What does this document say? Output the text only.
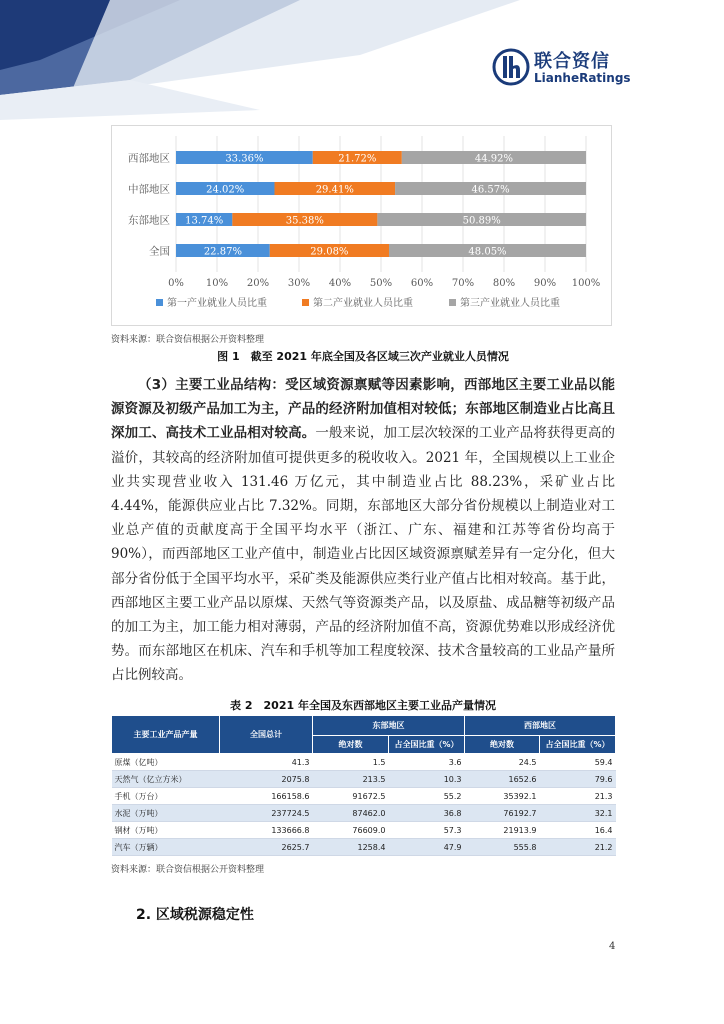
联合资信
LianheRatings
0% 10% 20% 30% 40% 50% 60% 70% 80% 90% 100%
西部地区	33.36%	21.72%	44.92%
中部地区	24.02%	29.41%	46.57%
东部地区 13.74%	35.38%	50.89%
全国	22.87%	29.08%	48.05%
第一产业就业人员比重	第二产业就业人员比重	第三产业就业人员比重
资料来源：联合资信根据公开资料整理
图 1　截至 2021 年底全国及各区域三次产业就业人员情况

（3）主要工业品结构：受区域资源禀赋等因素影响，西部地区主要工业品以能源资源及初级产品加工为主，产品的经济附加值相对较低；东部地区制造业占比高且深加工、高技术工业品相对较高。一般来说，加工层次较深的工业产品将获得更高的溢价，其较高的经济附加值可提供更多的税收收入。2021 年，全国规模以上工业企业共实现营业收入 131.46 万亿元，其中制造业占比 88.23%，采矿业占比 4.44%，能源供应业占比 7.32%。同期，东部地区大部分省份规模以上制造业对工业总产值的贡献度高于全国平均水平（浙江、广东、福建和江苏等省份均高于 90%），而西部地区工业产值中，制造业占比因区域资源禀赋差异有一定分化，但大部分省份低于全国平均水平，采矿类及能源供应类行业产值占比相对较高。基于此，西部地区主要工业产品以原煤、天然气等资源类产品，以及原盐、成品糖等初级产品的加工为主，加工能力相对薄弱，产品的经济附加值不高，资源优势难以形成经济优势。而东部地区在机床、汽车和手机等加工程度较深、技术含量较高的工业品产量所占比例较高。

表 2　2021 年全国及东西部地区主要工业品产量情况
主要工业产品产量	全国总计	东部地区		西部地区	
		绝对数	占全国比重（%）	绝对数	占全国比重（%）
原煤（亿吨）	41.3	1.5	3.6	24.5	59.4
天然气（亿立方米）	2075.8	213.5	10.3	1652.6	79.6
手机（万台）	166158.6	91672.5	55.2	35392.1	21.3
水泥（万吨）	237724.5	87462.0	36.8	76192.7	32.1
钢材（万吨）	133666.8	76609.0	57.3	21913.9	16.4
汽车（万辆）	2625.7	1258.4	47.9	555.8	21.2
资料来源：联合资信根据公开资料整理
2. 区域税源稳定性
4
